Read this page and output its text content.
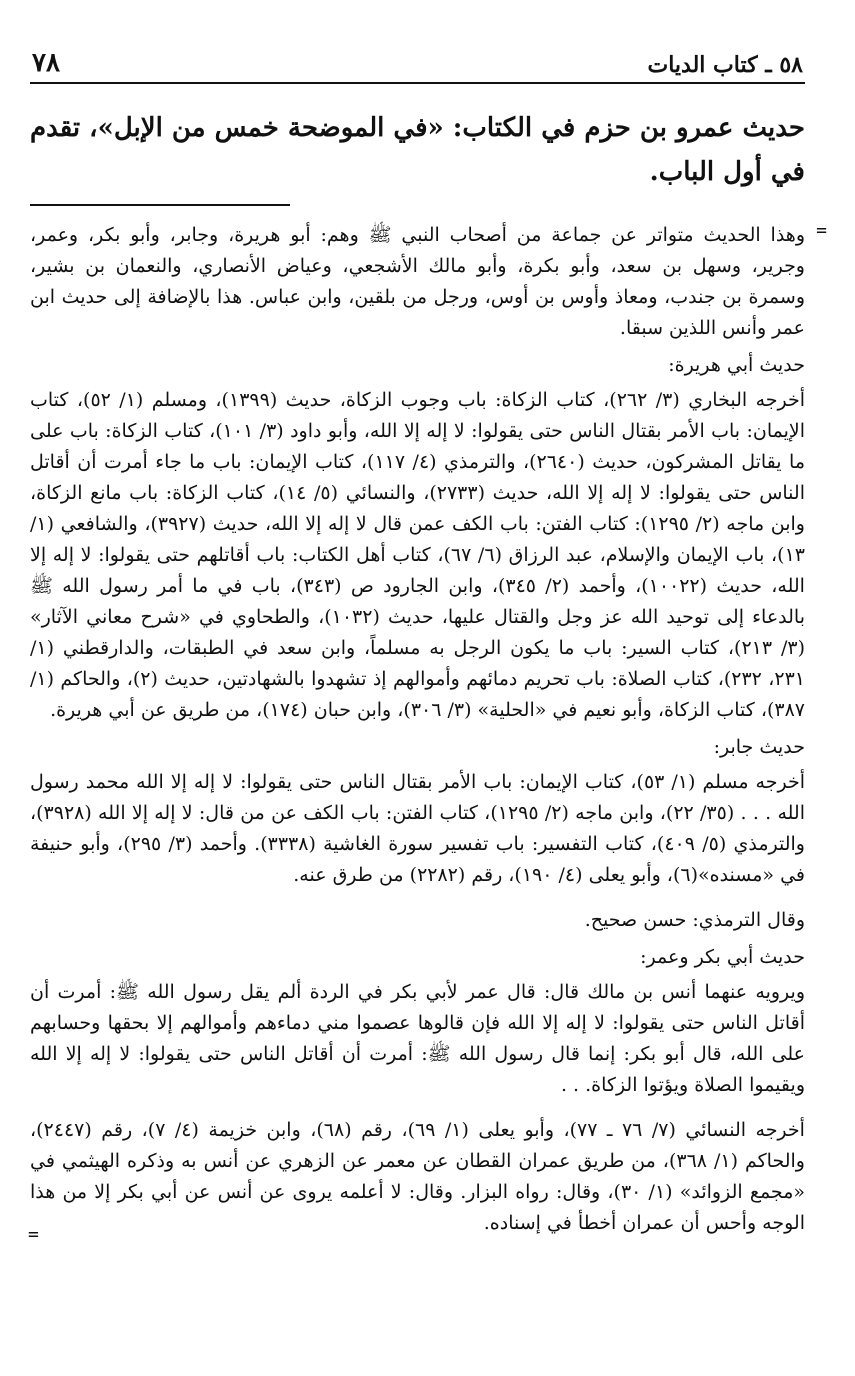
٥٨ ـ كتاب الديات
٧٨
حديث عمرو بن حزم في الكتاب: «في الموضحة خمس من الإبل»، تقدم في أول الباب.
=

وهذا الحديث متواتر عن جماعة من أصحاب النبي ﷺ وهم: أبو هريرة، وجابر، وأبو بكر، وعمر، وجرير، وسهل بن سعد، وأبو بكرة، وأبو مالك الأشجعي، وعياض الأنصاري، والنعمان بن بشير، وسمرة بن جندب، ومعاذ وأوس بن أوس، ورجل من بلقين، وابن عباس. هذا بالإضافة إلى حديث ابن عمر وأنس اللذين سبقا.

حديث أبي هريرة:

أخرجه البخاري (٣/ ٢٦٢)، كتاب الزكاة: باب وجوب الزكاة، حديث (١٣٩٩)، ومسلم (١/ ٥٢)، كتاب الإيمان: باب الأمر بقتال الناس حتى يقولوا: لا إله إلا الله، وأبو داود (٣/ ١٠١)، كتاب الزكاة: باب على ما يقاتل المشركون، حديث (٢٦٤٠)، والترمذي (٤/ ١١٧)، كتاب الإيمان: باب ما جاء أمرت أن أقاتل الناس حتى يقولوا: لا إله إلا الله، حديث (٢٧٣٣)، والنسائي (٥/ ١٤)، كتاب الزكاة: باب مانع الزكاة، وابن ماجه (٢/ ١٢٩٥): كتاب الفتن: باب الكف عمن قال لا إله إلا الله، حديث (٣٩٢٧)، والشافعي (١/ ١٣)، باب الإيمان والإسلام، عبد الرزاق (٦/ ٦٧)، كتاب أهل الكتاب: باب أقاتلهم حتى يقولوا: لا إله إلا الله، حديث (١٠٠٢٢)، وأحمد (٢/ ٣٤٥)، وابن الجارود ص (٣٤٣)، باب في ما أمر رسول الله ﷺ بالدعاء إلى توحيد الله عز وجل والقتال عليها، حديث (١٠٣٢)، والطحاوي في «شرح معاني الآثار» (٣/ ٢١٣)، كتاب السير: باب ما يكون الرجل به مسلماً، وابن سعد في الطبقات، والدارقطني (١/ ٢٣١، ٢٣٢)، كتاب الصلاة: باب تحريم دمائهم وأموالهم إذ تشهدوا بالشهادتين، حديث (٢)، والحاكم (١/ ٣٨٧)، كتاب الزكاة، وأبو نعيم في «الحلية» (٣/ ٣٠٦)، وابن حبان (١٧٤)، من طريق عن أبي هريرة.

حديث جابر:

أخرجه مسلم (١/ ٥٣)، كتاب الإيمان: باب الأمر بقتال الناس حتى يقولوا: لا إله إلا الله محمد رسول الله . . . (٣٥/ ٢٢)، وابن ماجه (٢/ ١٢٩٥)، كتاب الفتن: باب الكف عن من قال: لا إله إلا الله (٣٩٢٨)، والترمذي (٥/ ٤٠٩)، كتاب التفسير: باب تفسير سورة الغاشية (٣٣٣٨). وأحمد (٣/ ٢٩٥)، وأبو حنيفة في «مسنده»(٦)، وأبو يعلى (٤/ ١٩٠)، رقم (٢٢٨٢) من طرق عنه.

وقال الترمذي: حسن صحيح.

حديث أبي بكر وعمر:

ويرويه عنهما أنس بن مالك قال: قال عمر لأبي بكر في الردة ألم يقل رسول الله ﷺ: أمرت أن أقاتل الناس حتى يقولوا: لا إله إلا الله فإن قالوها عصموا مني دماءهم وأموالهم إلا بحقها وحسابهم على الله، قال أبو بكر: إنما قال رسول الله ﷺ: أمرت أن أقاتل الناس حتى يقولوا: لا إله إلا الله ويقيموا الصلاة ويؤتوا الزكاة. . .

أخرجه النسائي (٧/ ٧٦ ـ ٧٧)، وأبو يعلى (١/ ٦٩)، رقم (٦٨)، وابن خزيمة (٤/ ٧)، رقم (٢٤٤٧)، والحاكم (١/ ٣٦٨)، من طريق عمران القطان عن معمر عن الزهري عن أنس به وذكره الهيثمي في «مجمع الزوائد» (١/ ٣٠)، وقال: رواه البزار. وقال: لا أعلمه يروى عن أنس عن أبي بكر إلا من هذا الوجه وأحس أن عمران أخطأ في إسناده.

=
